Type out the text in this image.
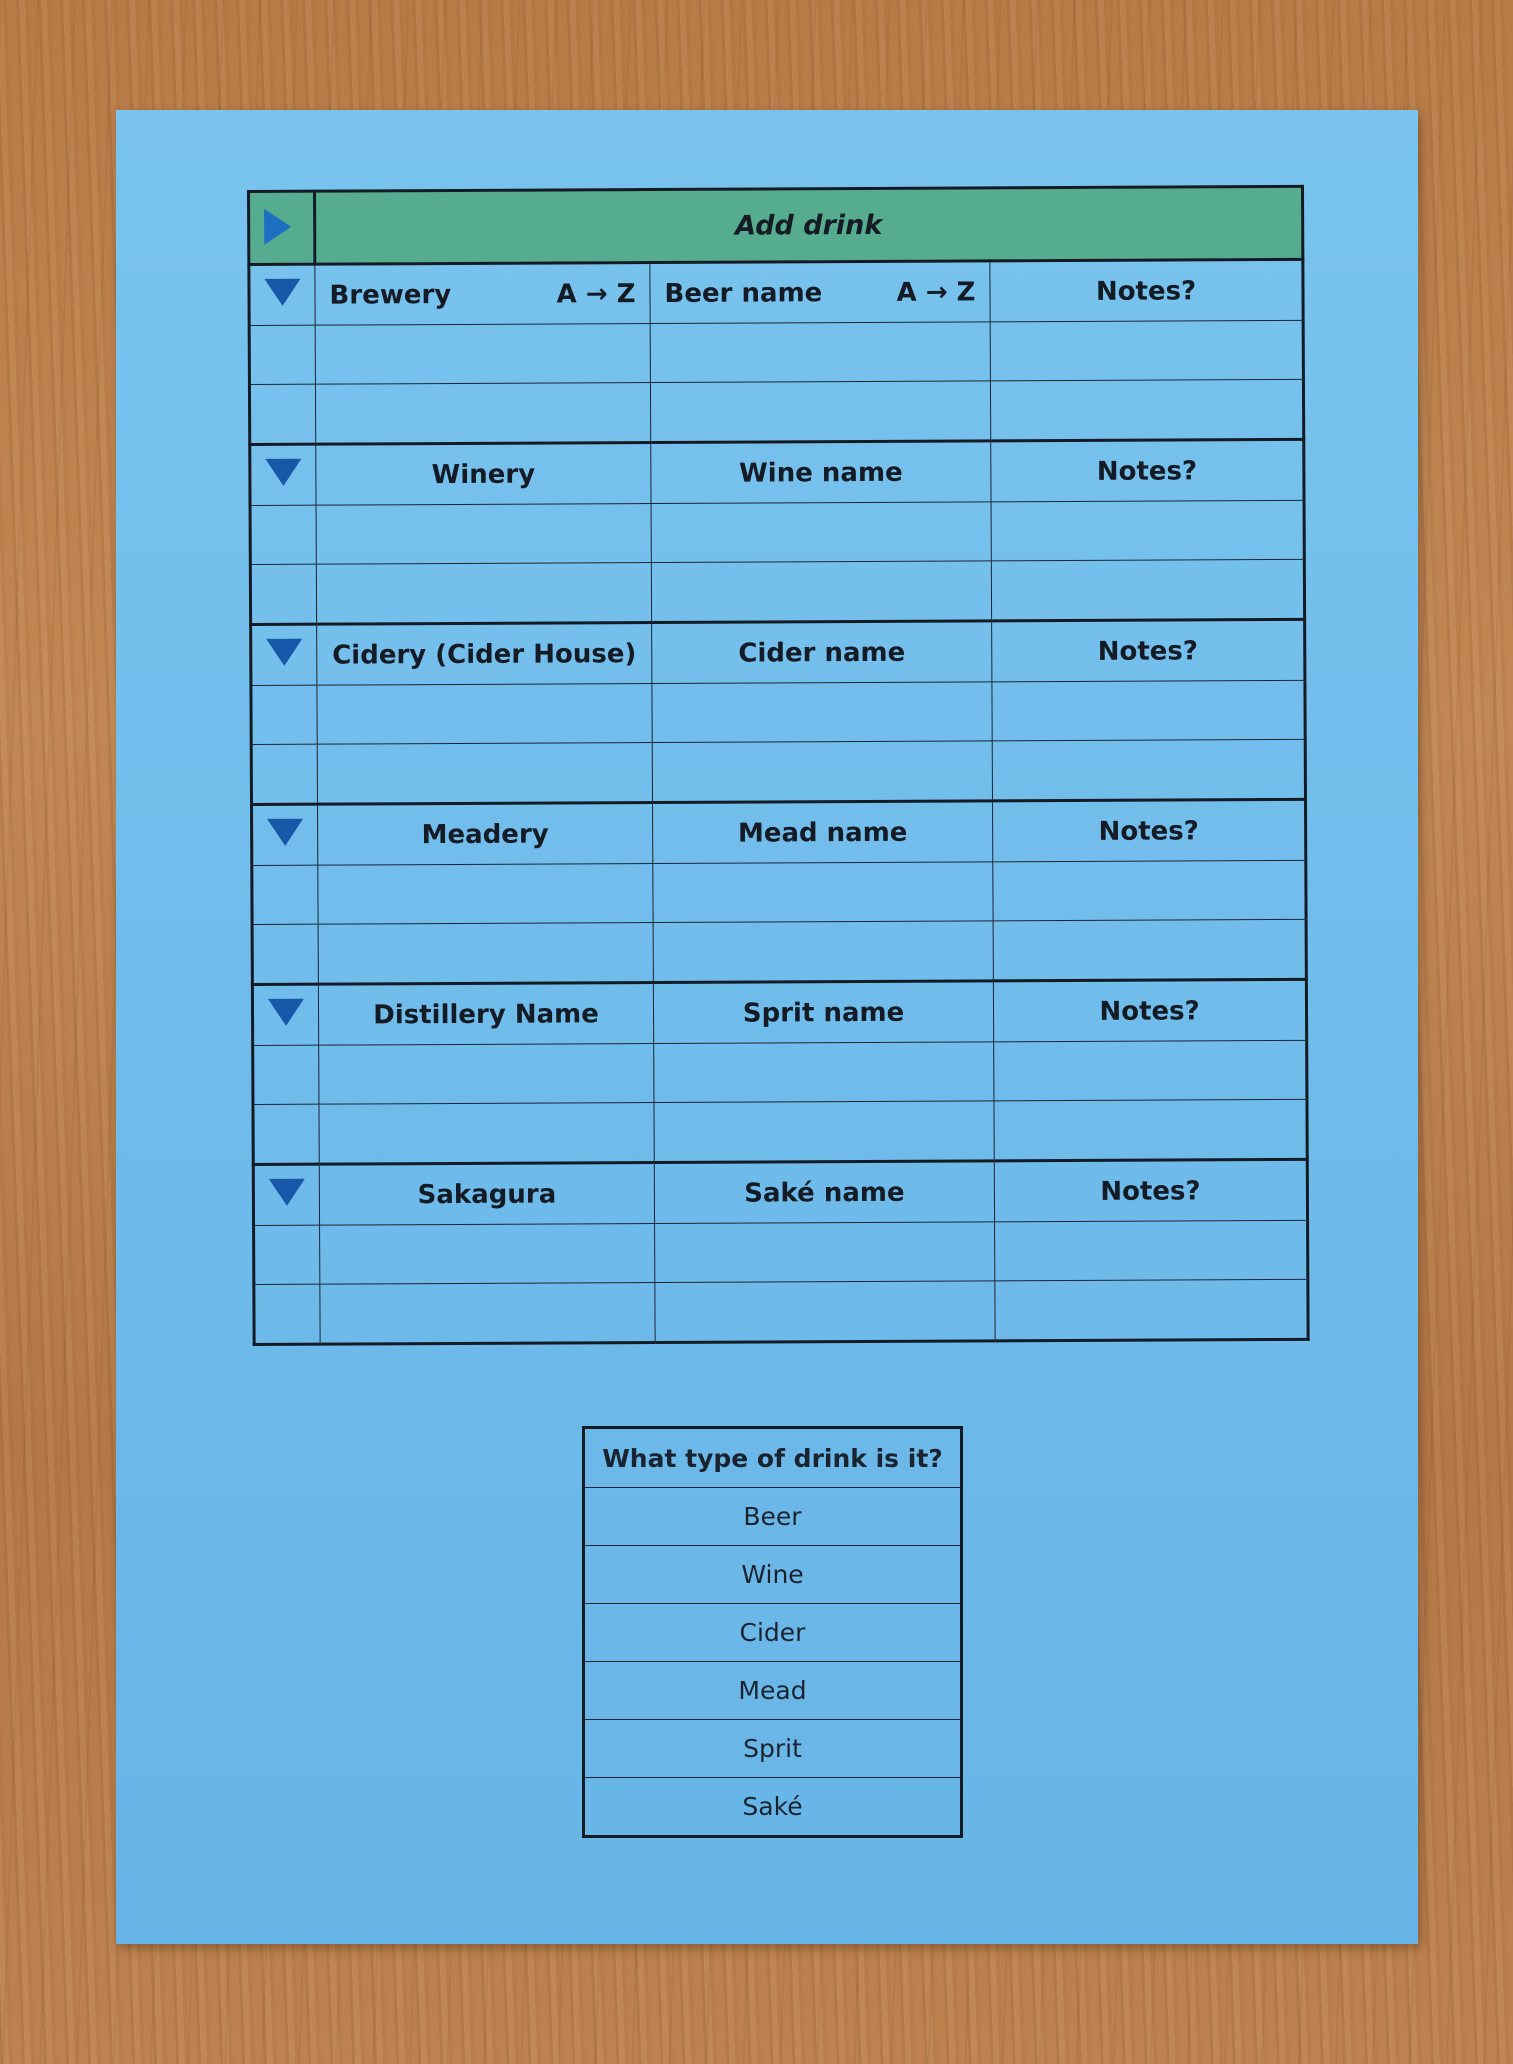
	Add drink		

	Brewery A → Z	Beer name A → Z	Notes?

	Winery	Wine name	Notes?

	Cidery (Cider House)	Cider name	Notes?

	Meadery	Mead name	Notes?

	Distillery Name	Sprit name	Notes?

	Sakagura	Saké name	Notes?

What type of drink is it?
Beer
Wine
Cider
Mead
Sprit
Saké
